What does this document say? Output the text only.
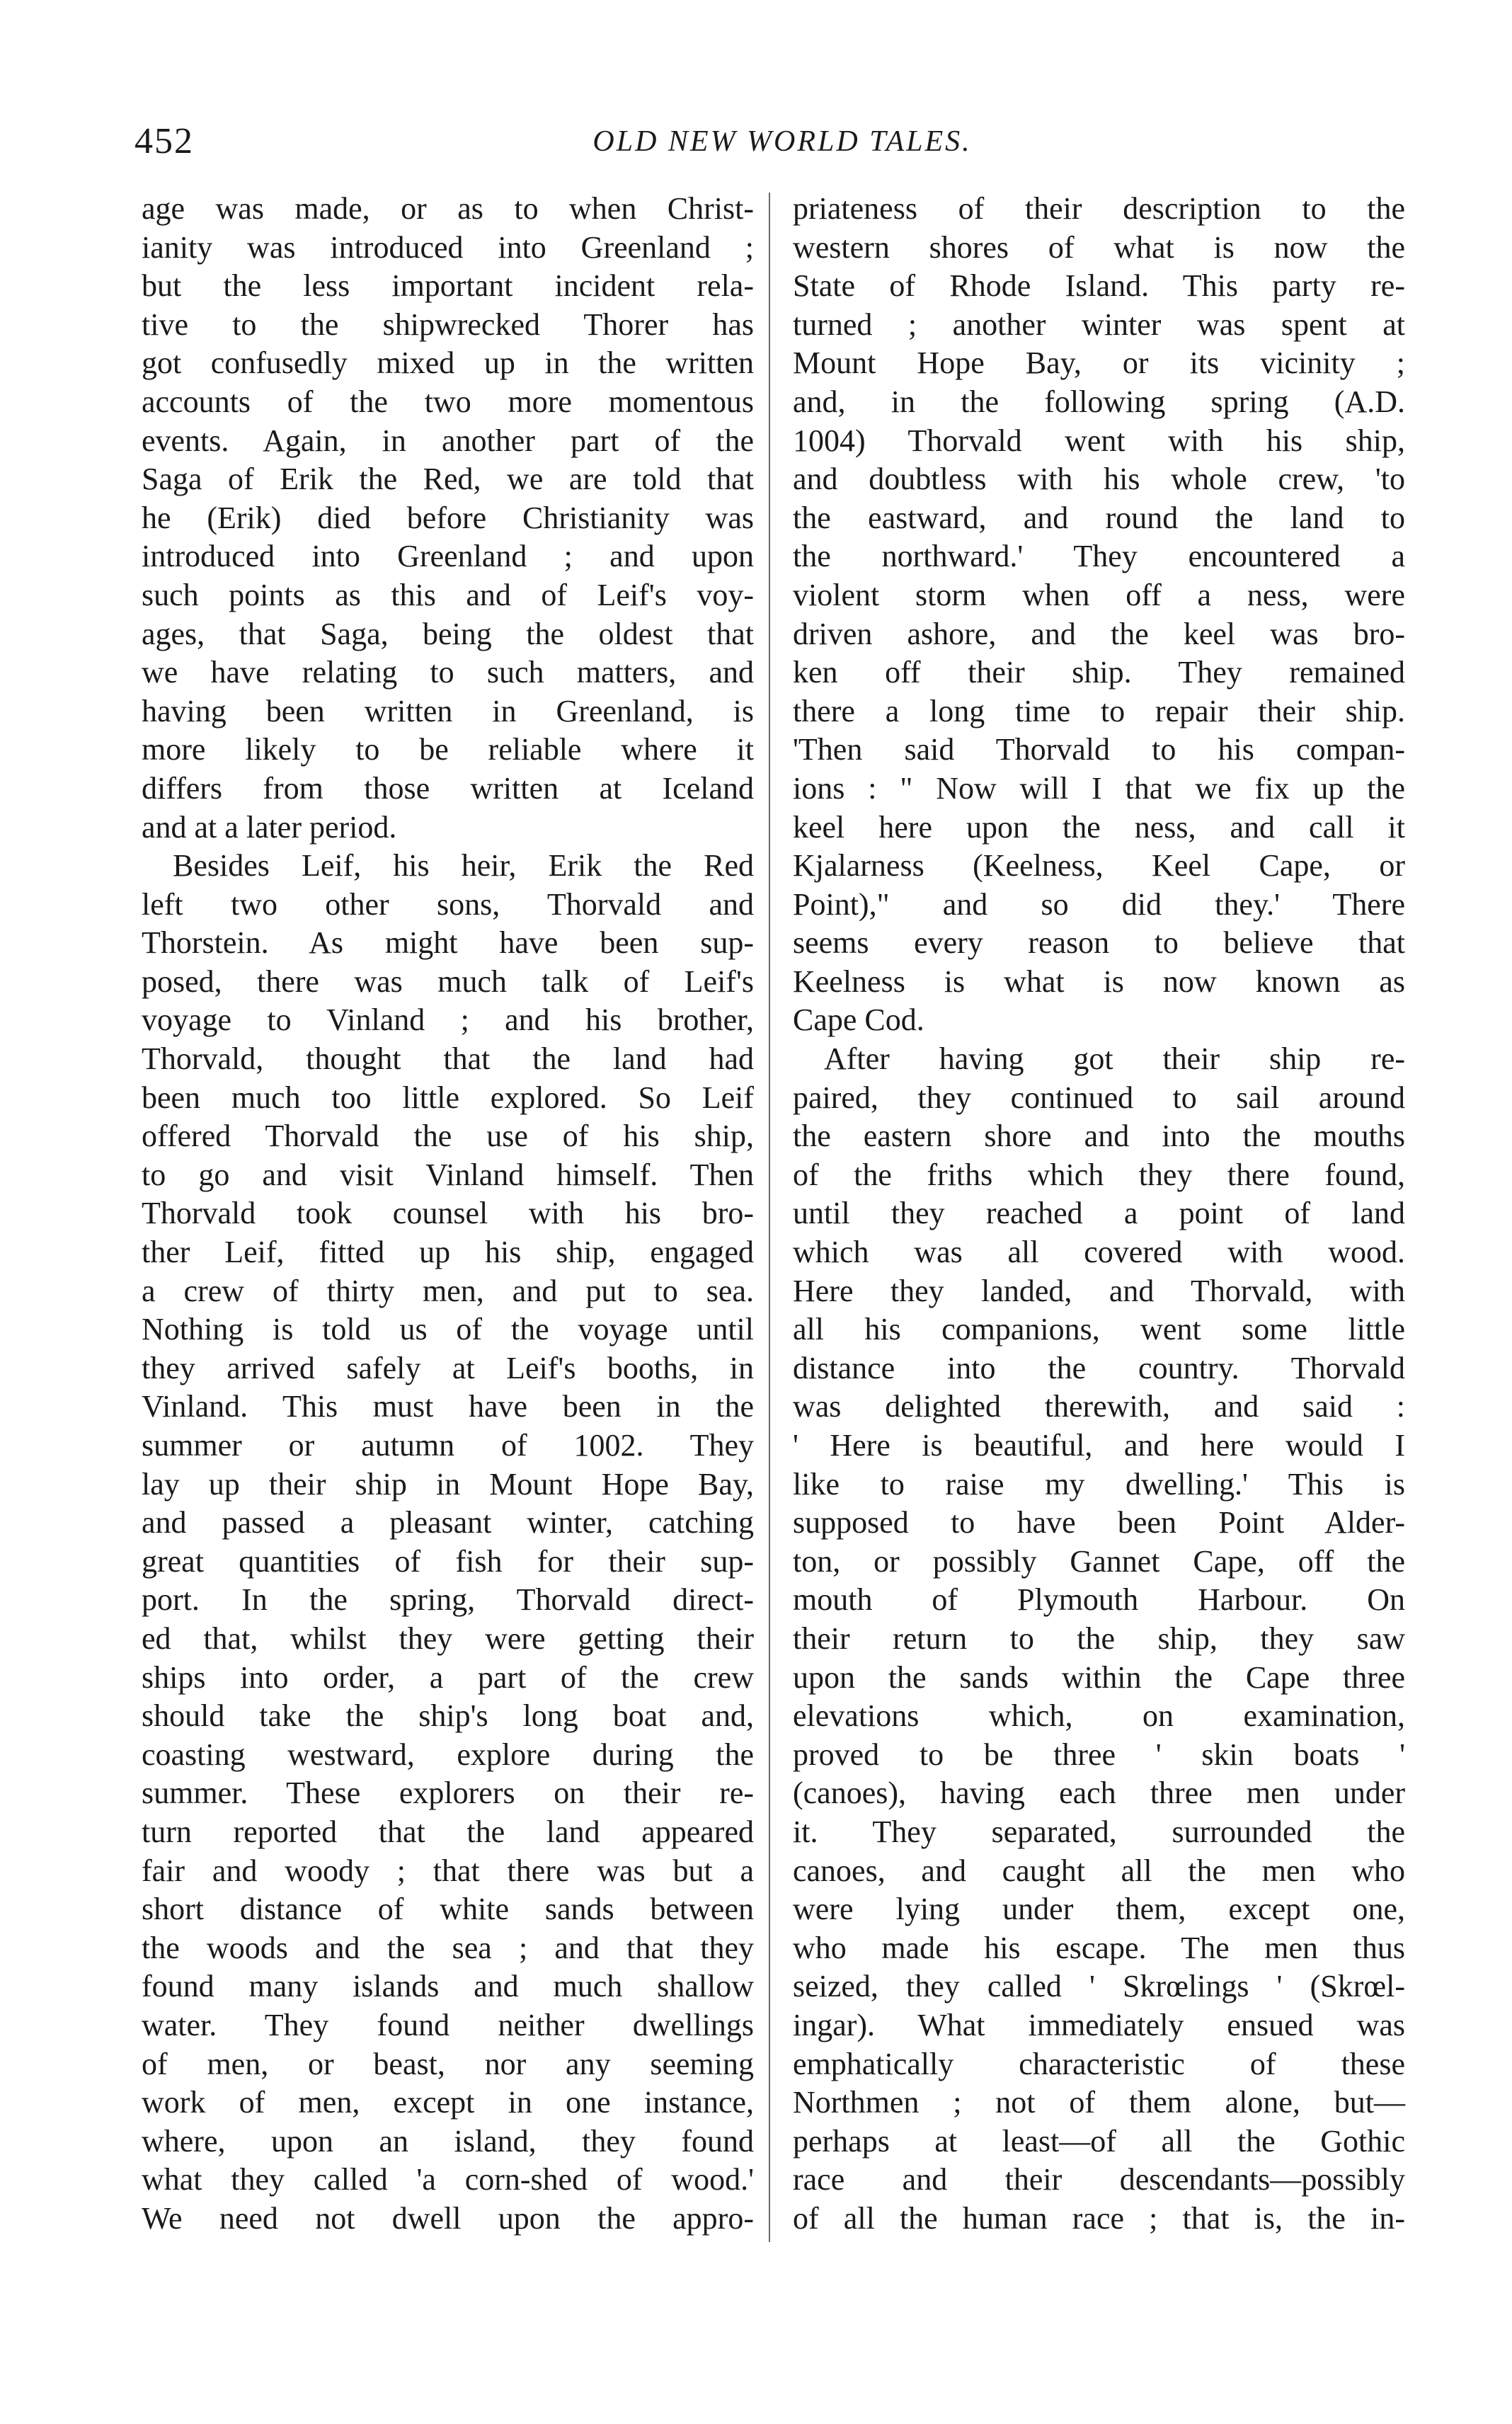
452	OLD NEW WORLD TALES.
age was made, or as to when Christ-
ianity was introduced into Greenland ;
but the less important incident rela-
tive to the shipwrecked Thorer has
got confusedly mixed up in the written
accounts of the two more momentous
events. Again, in another part of the
Saga of Erik the Red, we are told that
he (Erik) died before Christianity was
introduced into Greenland ; and upon
such points as this and of Leif's voy-
ages, that Saga, being the oldest that
we have relating to such matters, and
having been written in Greenland, is
more likely to be reliable where it
differs from those written at Iceland
and at a later period.
Besides Leif, his heir, Erik the Red
left two other sons, Thorvald and
Thorstein. As might have been sup-
posed, there was much talk of Leif's
voyage to Vinland ; and his brother,
Thorvald, thought that the land had
been much too little explored. So Leif
offered Thorvald the use of his ship,
to go and visit Vinland himself. Then
Thorvald took counsel with his bro-
ther Leif, fitted up his ship, engaged
a crew of thirty men, and put to sea.
Nothing is told us of the voyage until
they arrived safely at Leif's booths, in
Vinland. This must have been in the
summer or autumn of 1002. They
lay up their ship in Mount Hope Bay,
and passed a pleasant winter, catching
great quantities of fish for their sup-
port. In the spring, Thorvald direct-
ed that, whilst they were getting their
ships into order, a part of the crew
should take the ship's long boat and,
coasting westward, explore during the
summer. These explorers on their re-
turn reported that the land appeared
fair and woody ; that there was but a
short distance of white sands between
the woods and the sea ; and that they
found many islands and much shallow
water. They found neither dwellings
of men, or beast, nor any seeming
work of men, except in one instance,
where, upon an island, they found
what they called 'a corn-shed of wood.'
We need not dwell upon the appro-
priateness of their description to the
western shores of what is now the
State of Rhode Island. This party re-
turned ; another winter was spent at
Mount Hope Bay, or its vicinity ;
and, in the following spring (A.D.
1004) Thorvald went with his ship,
and doubtless with his whole crew, 'to
the eastward, and round the land to
the northward.' They encountered a
violent storm when off a ness, were
driven ashore, and the keel was bro-
ken off their ship. They remained
there a long time to repair their ship.
'Then said Thorvald to his compan-
ions : " Now will I that we fix up the
keel here upon the ness, and call it
Kjalarness (Keelness, Keel Cape, or
Point)," and so did they.' There
seems every reason to believe that
Keelness is what is now known as
Cape Cod.
After having got their ship re-
paired, they continued to sail around
the eastern shore and into the mouths
of the friths which they there found,
until they reached a point of land
which was all covered with wood.
Here they landed, and Thorvald, with
all his companions, went some little
distance into the country. Thorvald
was delighted therewith, and said :
' Here is beautiful, and here would I
like to raise my dwelling.' This is
supposed to have been Point Alder-
ton, or possibly Gannet Cape, off the
mouth of Plymouth Harbour. On
their return to the ship, they saw
upon the sands within the Cape three
elevations which, on examination,
proved to be three ' skin boats '
(canoes), having each three men under
it. They separated, surrounded the
canoes, and caught all the men who
were lying under them, except one,
who made his escape. The men thus
seized, they called ' Skrœlings ' (Skrœl-
ingar). What immediately ensued was
emphatically characteristic of these
Northmen ; not of them alone, but—
perhaps at least—of all the Gothic
race and their descendants—possibly
of all the human race ; that is, the in-
